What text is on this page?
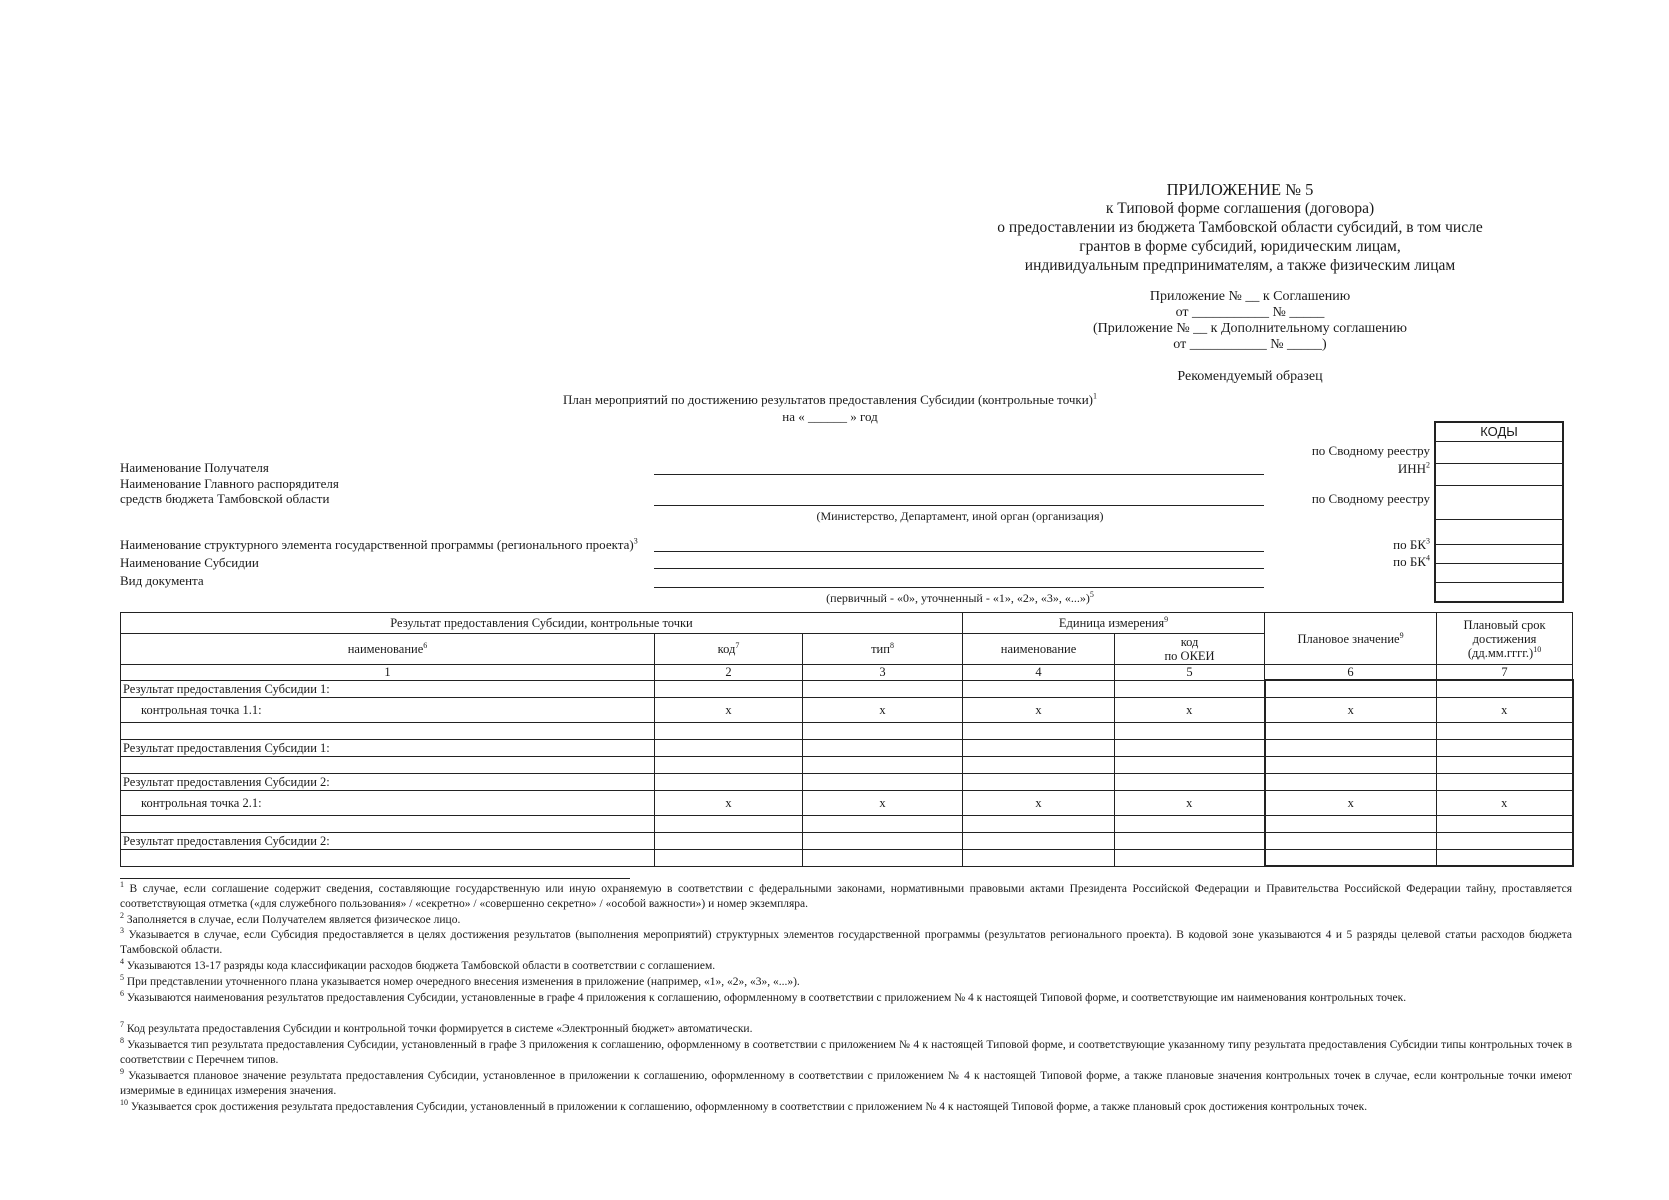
ПРИЛОЖЕНИЕ № 5
к Типовой форме соглашения (договора)
о предоставлении из бюджета Тамбовской области субсидий, в том числе
грантов в форме субсидий, юридическим лицам,
индивидуальным предпринимателям, а также физическим лицам
Приложение № __ к Соглашению
от ___________ № _____
(Приложение № __ к Дополнительному соглашению
от ___________ № _____)
Рекомендуемый образец
План мероприятий по достижению результатов предоставления Субсидии (контрольные точки)$^1$
на « ______ » год
КОДЫ
по Сводному реестру
ИНН$^2$
по Сводному реестру
по $БК^3$
по $БК^4$
Наименование Получателя
Наименование Главного распорядителя
средств бюджета Тамбовской области
(Министерство, Департамент, иной орган (организация)
Наименование структурного элемента государственной программы (регионального проекта)$^3$
Наименование Субсидии
Вид документа
(первичный - «0», уточненный - «1», «2», «3», «...»)$^5$
Результат предоставления Субсидии, контрольные точки			Единица измерения$^9$		Плановое значение$^9$	Плановый срок
достижения
(дд.мм.гггг.)$^{10}$

наименование$^6$	код$^7$	тип$^8$	наименование	код
по ОКЕИ		

1	2	3	4	5	6	7
Результат предоставления Субсидии 1:						
контрольная точка 1.1:	x	x	x	x	x	x

Результат предоставления Субсидии 1:						

Результат предоставления Субсидии 2:						
контрольная точка 2.1:	x	x	x	x	x	x

Результат предоставления Субсидии 2:						

$^1$ В случае, если соглашение содержит сведения, составляющие государственную или иную охраняемую в соответствии с федеральными законами, нормативными правовыми актами Президента Российской Федерации и Правительства Российской Федерации тайну, проставляется соответствующая отметка («для служебного пользования» / «секретно» / «совершенно секретно» / «особой важности») и номер экземпляра.
$^2$ Заполняется в случае, если Получателем является физическое лицо.
$^3$ Указывается в случае, если Субсидия предоставляется в целях достижения результатов (выполнения мероприятий) структурных элементов государственной программы (результатов регионального проекта). В кодовой зоне указываются 4 и 5 разряды целевой статьи расходов бюджета Тамбовской области.
$^4$ Указываются 13-17 разряды кода классификации расходов бюджета Тамбовской области в соответствии с соглашением.
$^5$ При представлении уточненного плана указывается номер очередного внесения изменения в приложение (например, «1», «2», «3», «...»).
$^6$ Указываются наименования результатов предоставления Субсидии, установленные в графе 4 приложения к соглашению, оформленному в соответствии с приложением № 4 к настоящей Типовой форме, и соответствующие им наименования контрольных точек.
$^7$ Код результата предоставления Субсидии и контрольной точки формируется в системе «Электронный бюджет» автоматически.
$^8$ Указывается тип результата предоставления Субсидии, установленный в графе 3 приложения к соглашению, оформленному в соответствии с приложением № 4 к настоящей Типовой форме, и соответствующие указанному типу результата предоставления Субсидии типы контрольных точек в соответствии с Перечнем типов.
$^9$ Указывается плановое значение результата предоставления Субсидии, установленное в приложении к соглашению, оформленному в соответствии с приложением № 4 к настоящей Типовой форме, а также плановые значения контрольных точек в случае, если контрольные точки имеют измеримые в единицах измерения значения.
$^{10}$ Указывается срок достижения результата предоставления Субсидии, установленный в приложении к соглашению, оформленному в соответствии с приложением № 4 к настоящей Типовой форме, а также плановый срок достижения контрольных точек.
